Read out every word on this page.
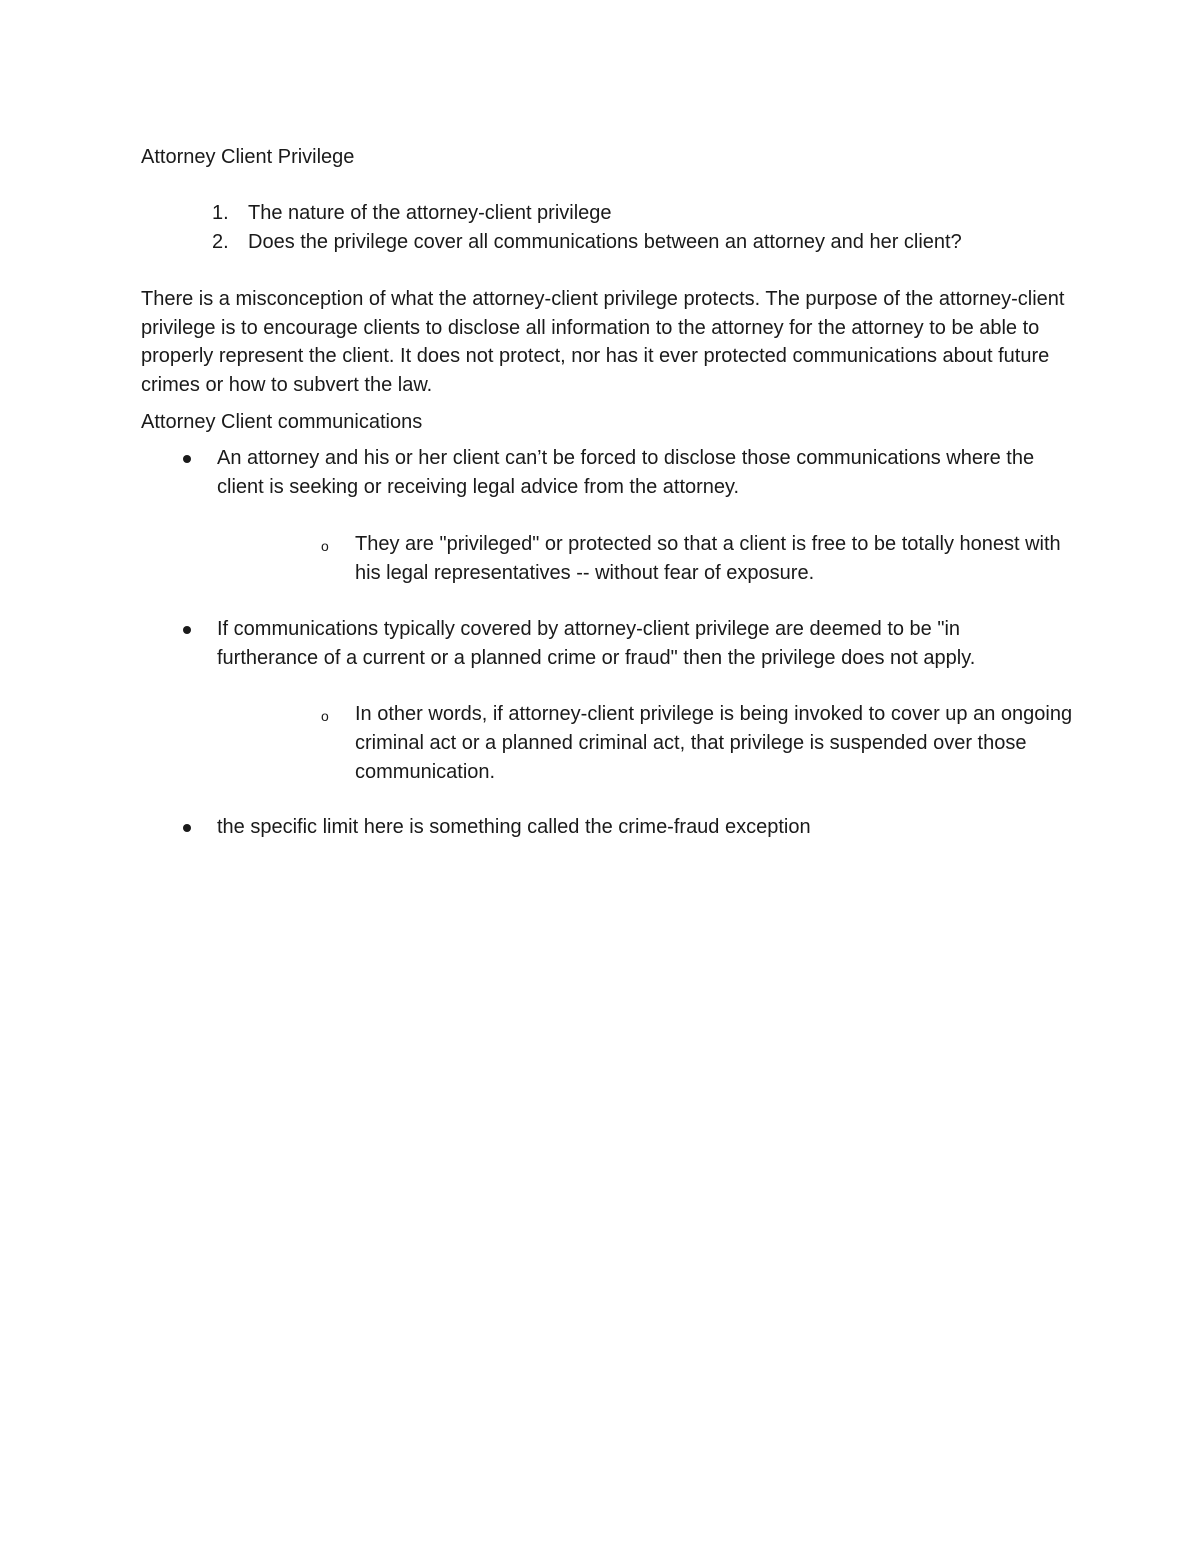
Attorney Client Privilege
1. The nature of the attorney-client privilege
2. Does the privilege cover all communications between an attorney and her client?
There is a misconception of what the attorney-client privilege protects. The purpose of the attorney-client privilege is to encourage clients to disclose all information to the attorney for the attorney to be able to properly represent the client. It does not protect, nor has it ever protected communications about future crimes or how to subvert the law.
Attorney Client communications
An attorney and his or her client can’t be forced to disclose those communications where the client is seeking or receiving legal advice from the attorney.
o They are "privileged" or protected so that a client is free to be totally honest with his legal representatives -- without fear of exposure.
If communications typically covered by attorney-client privilege are deemed to be "in furtherance of a current or a planned crime or fraud" then the privilege does not apply.
o In other words, if attorney-client privilege is being invoked to cover up an ongoing criminal act or a planned criminal act, that privilege is suspended over those communication.
the specific limit here is something called the crime-fraud exception
